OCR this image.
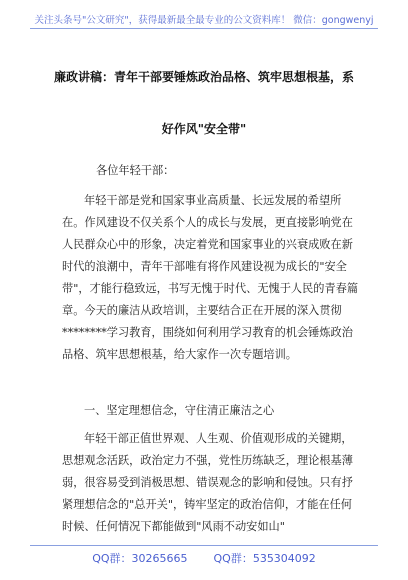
关注头条号"公文研究"，获得最新最全最专业的公文资料库！ 微信：gongwenyj
廉政讲稿：青年干部要锤炼政治品格、筑牢思想根基，系
好作风"安全带"
各位年轻干部：
年轻干部是党和国家事业高质量、长远发展的希望所在。作风建设不仅关系个人的成长与发展，更直接影响党在人民群众心中的形象，决定着党和国家事业的兴衰成败在新时代的浪潮中，青年干部唯有将作风建设视为成长的"安全带"，才能行稳致远，书写无愧于时代、无愧于人民的青春篇章。今天的廉洁从政培训，主要结合正在开展的深入贯彻********学习教育，围绕如何利用学习教育的机会锤炼政治品格、筑牢思想根基，给大家作一次专题培训。
一、坚定理想信念，守住清正廉洁之心
年轻干部正值世界观、人生观、价值观形成的关键期，思想观念活跃，政治定力不强，党性历练缺乏，理论根基薄弱，很容易受到消极思想、错误观念的影响和侵蚀。只有抒紧理想信念的"总开关"，铸牢坚定的政治信仰，才能在任何时候、任何情况下都能做到"风雨不动安如山"
QQ群：30265665 QQ群：535304092
